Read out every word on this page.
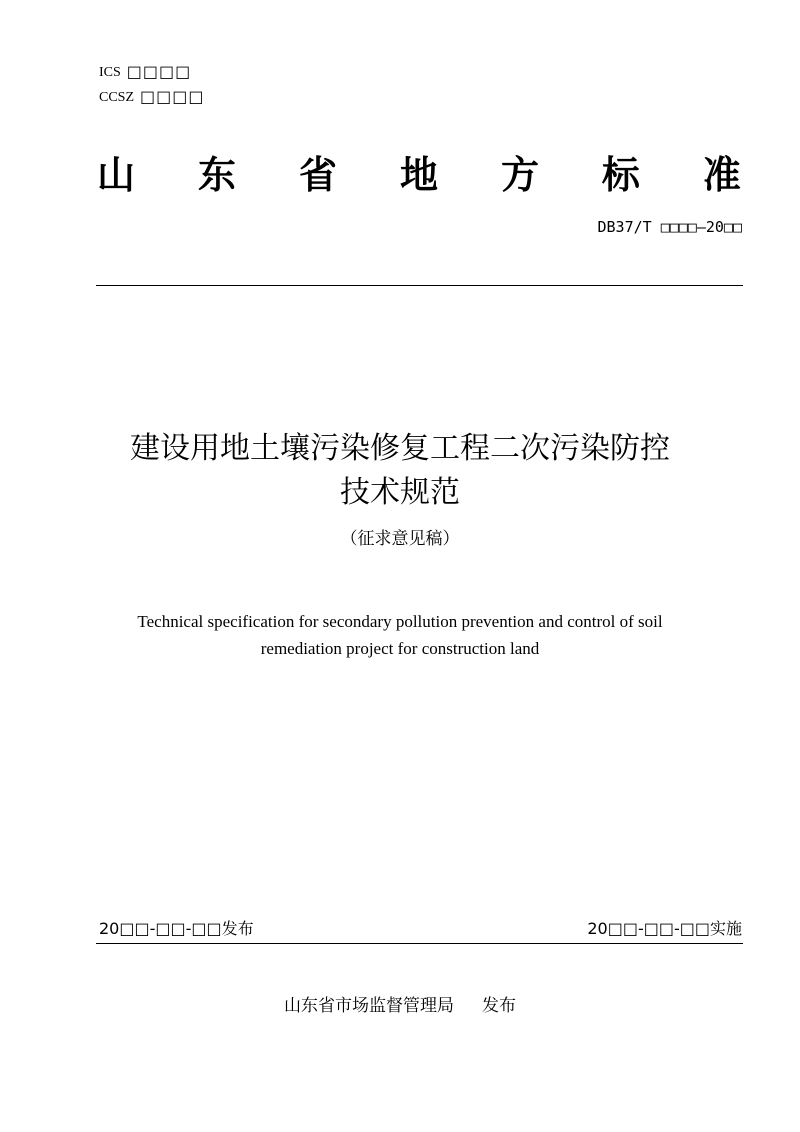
ICS □□□□
CCSZ □□□□
山 东 省 地 方 标 准
DB37/T □□□□—20□□
建设用地土壤污染修复工程二次污染防控
技术规范
（征求意见稿）
Technical specification for secondary pollution prevention and control of soil
remediation project for construction land
20□□-□□-□□发布	20□□-□□-□□实施
山东省市场监督管理局 发布
